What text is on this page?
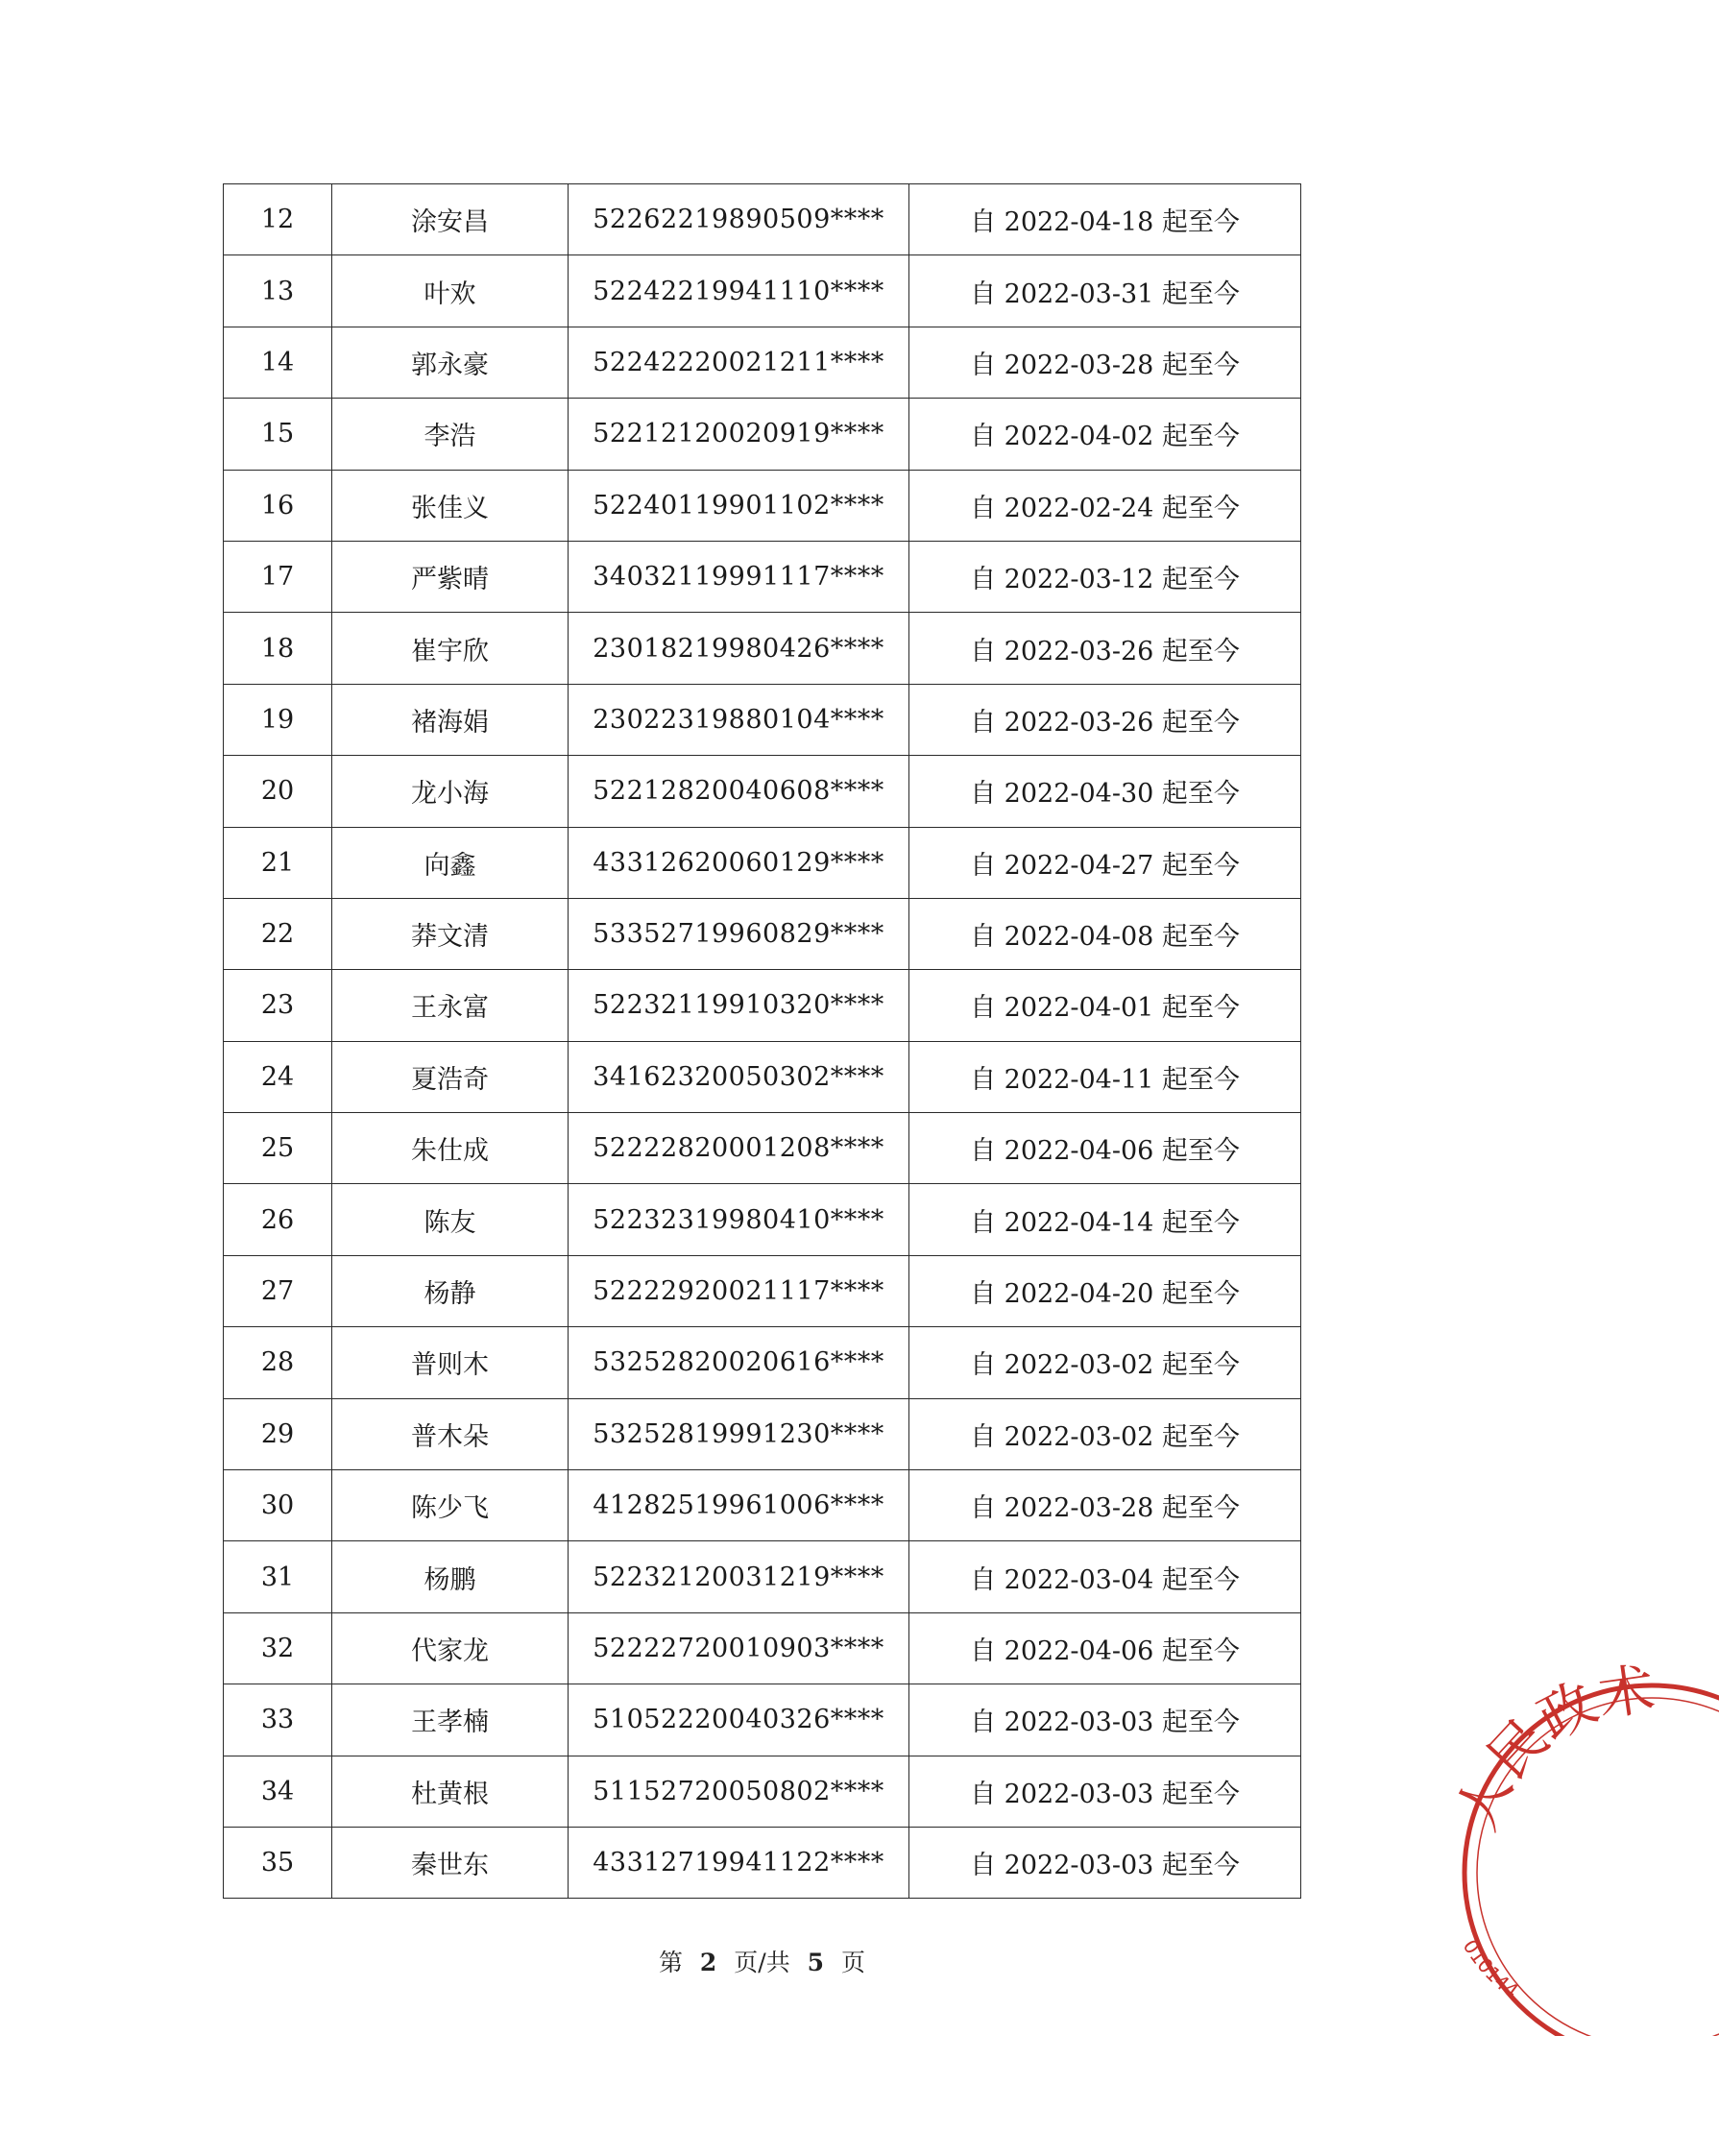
12	涂安昌	52262219890509****	自 2022-04-18 起至今
13	叶欢	52242219941110****	自 2022-03-31 起至今
14	郭永豪	52242220021211****	自 2022-03-28 起至今
15	李浩	52212120020919****	自 2022-04-02 起至今
16	张佳义	52240119901102****	自 2022-02-24 起至今
17	严紫晴	34032119991117****	自 2022-03-12 起至今
18	崔宇欣	23018219980426****	自 2022-03-26 起至今
19	褚海娟	23022319880104****	自 2022-03-26 起至今
20	龙小海	52212820040608****	自 2022-04-30 起至今
21	向鑫	43312620060129****	自 2022-04-27 起至今
22	莽文清	53352719960829****	自 2022-04-08 起至今
23	王永富	52232119910320****	自 2022-04-01 起至今
24	夏浩奇	34162320050302****	自 2022-04-11 起至今
25	朱仕成	52222820001208****	自 2022-04-06 起至今
26	陈友	52232319980410****	自 2022-04-14 起至今
27	杨静	52222920021117****	自 2022-04-20 起至今
28	普则木	53252820020616****	自 2022-03-02 起至今
29	普木朵	53252819991230****	自 2022-03-02 起至今
30	陈少飞	41282519961006****	自 2022-03-28 起至今
31	杨鹏	52232120031219****	自 2022-03-04 起至今
32	代家龙	52222720010903****	自 2022-04-06 起至今
33	王孝楠	51052220040326****	自 2022-03-03 起至今
34	杜黄根	51152720050802****	自 2022-03-03 起至今
35	秦世东	43312719941122****	自 2022-03-03 起至今
第 2 页/共 5 页
人民政术
010144
